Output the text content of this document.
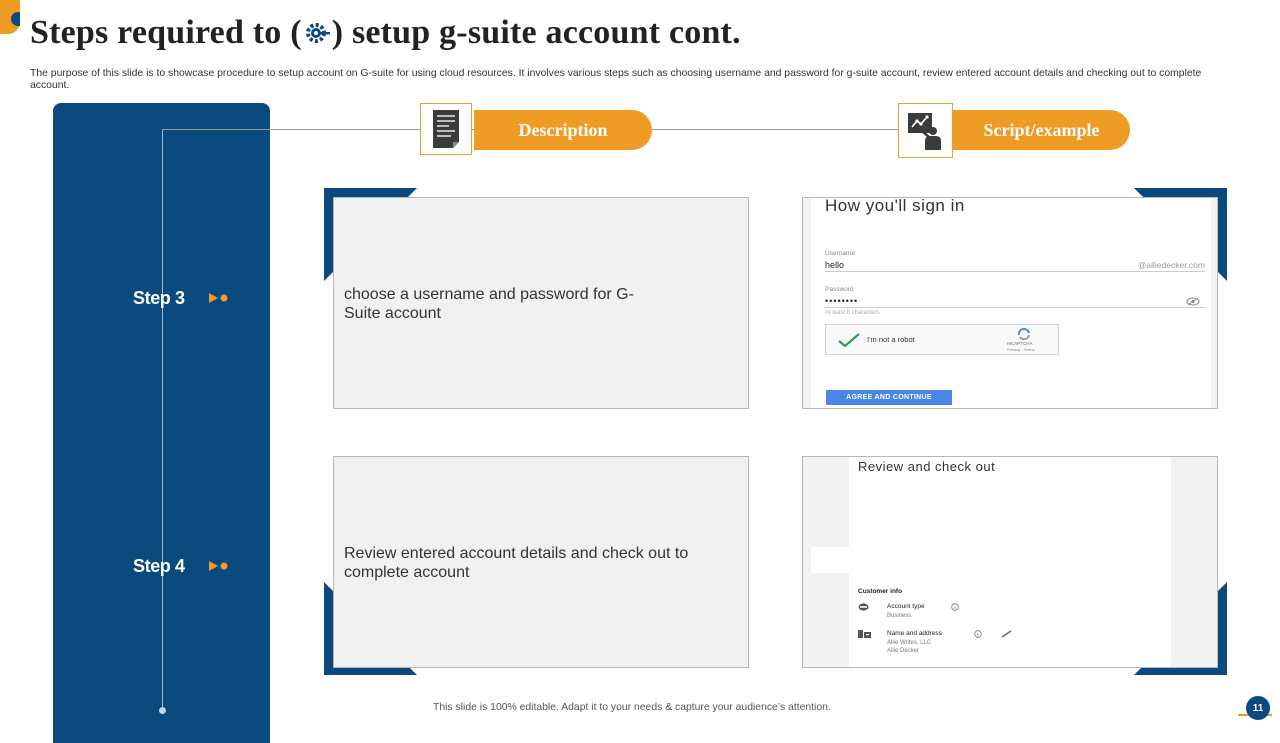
Steps required to ( ) setup g-suite account cont.
The purpose of this slide is to showcase procedure to setup account on G-suite for using cloud resources. It involves various steps such as choosing username and password for g-suite account, review entered account details and checking out to complete account.
Step 3
Step 4
Description	Script/example
choose a username and password for G-Suite account
How you'll sign in
Username
hello	@alliedecker.com
Password
••••••••
At least 8 characters
I'm not a robot	reCAPTCHA
Privacy - Terms
AGREE AND CONTINUE
Review entered account details and check out to complete account
Review and check out
Customer info
Account type
Business
Name and address
Allie Writes, LLC
Allie Decker
This slide is 100% editable. Adapt it to your needs & capture your audience’s attention.	11
